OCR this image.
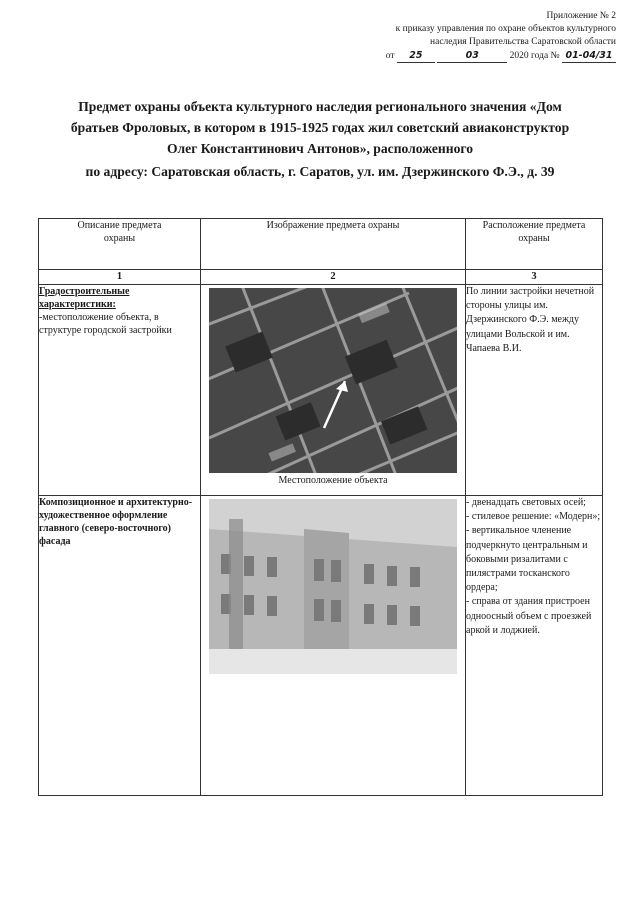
Приложение № 2
к приказу управления по охране объектов культурного
наследия Правительства Саратовской области
от 25	03	2020 года № 01-04/31
Предмет охраны объекта культурного наследия регионального значения «Дом
братьев Фроловых, в котором в 1915-1925 годах жил советский авиаконструктор
Олег Константинович Антонов», расположенного
по адресу: Саратовская область, г. Саратов, ул. им. Дзержинского Ф.Э., д. 39
Описание предмета охраны	Изображение предмета охраны	Расположение предмета охраны
1	2	3

Градостроительные характеристики:
-местоположение объекта, в структуре городской застройки	Местоположение объекта	По линии застройки нечетной стороны улицы им. Дзержинского Ф.Э. между улицами Вольской и им. Чапаева В.И.

Композиционное и архитектурно-художественное оформление главного (северо-восточного) фасада		- двенадцать световых осей;
- стилевое решение: «Модерн»;
- вертикальное членение подчеркнуто центральным и боковыми ризалитами с пилястрами тосканского ордера;
- справа от здания пристроен одноосный объем с проезжей аркой и лоджией.
